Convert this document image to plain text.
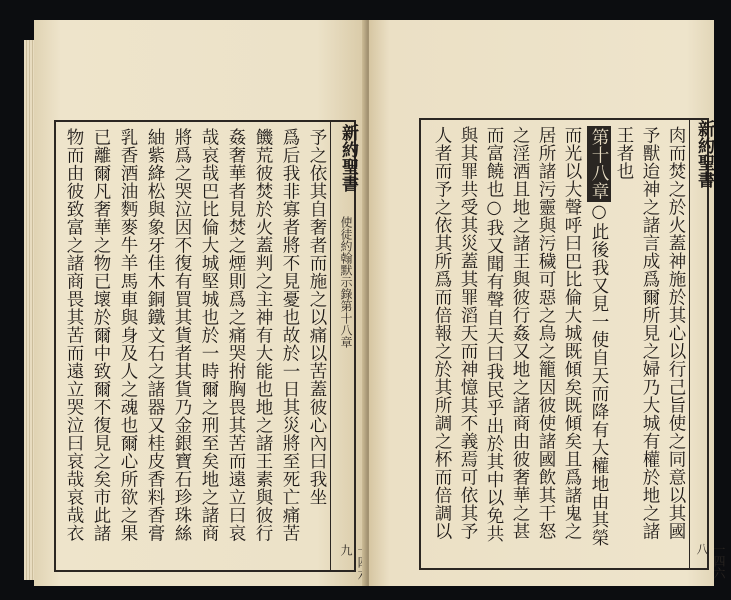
新約聖書
使徒約翰默示錄第十八章
九
予之依其自奢者而施之以痛以苦蓋彼心內曰我坐
爲后我非寡者將不見憂也故於一日其災將至死亡痛苦
饑荒彼焚於火蓋判之主神有大能也地之諸王素與彼行
姦奢華者見焚之煙則爲之痛哭拊胸畏其苦而遠立曰哀
哉哀哉巴比倫大城堅城也於一時爾之刑至矣地之諸商
將爲之哭泣因不復有買其貨者其貨乃金銀寶石珍珠絲
紬紫絳松與象牙佳木銅鐵文石之諸器又桂皮香料香膏
乳香酒油麪麥牛羊馬車與身及人之魂也爾心所欲之果
已離爾凡奢華之物已壞於爾中致爾不復見之矣市此諸
物而由彼致富之諸商畏其苦而遠立哭泣曰哀哉哀哉衣	新約聖書
一四六八
肉而焚之於火蓋神施於其心以行己旨使之同意以其國
予獸迨神之諸言成爲爾所見之婦乃大城有權於地之諸
王者也
第十八章○此後我又見一使自天而降有大權地由其榮
而光以大聲呼曰巴比倫大城既傾矣既傾矣且爲諸鬼之
居所諸污靈與污穢可惡之鳥之籠因彼使諸國飲其干怒
之淫酒且地之諸王與彼行姦又地之諸商由彼奢華之甚
而富饒也○我又聞有聲自天曰我民乎出於其中以免共
與其罪共受其災蓋其罪滔天而神憶其不義焉可依其予
人者而予之依其所爲而倍報之於其所調之杯而倍調以
